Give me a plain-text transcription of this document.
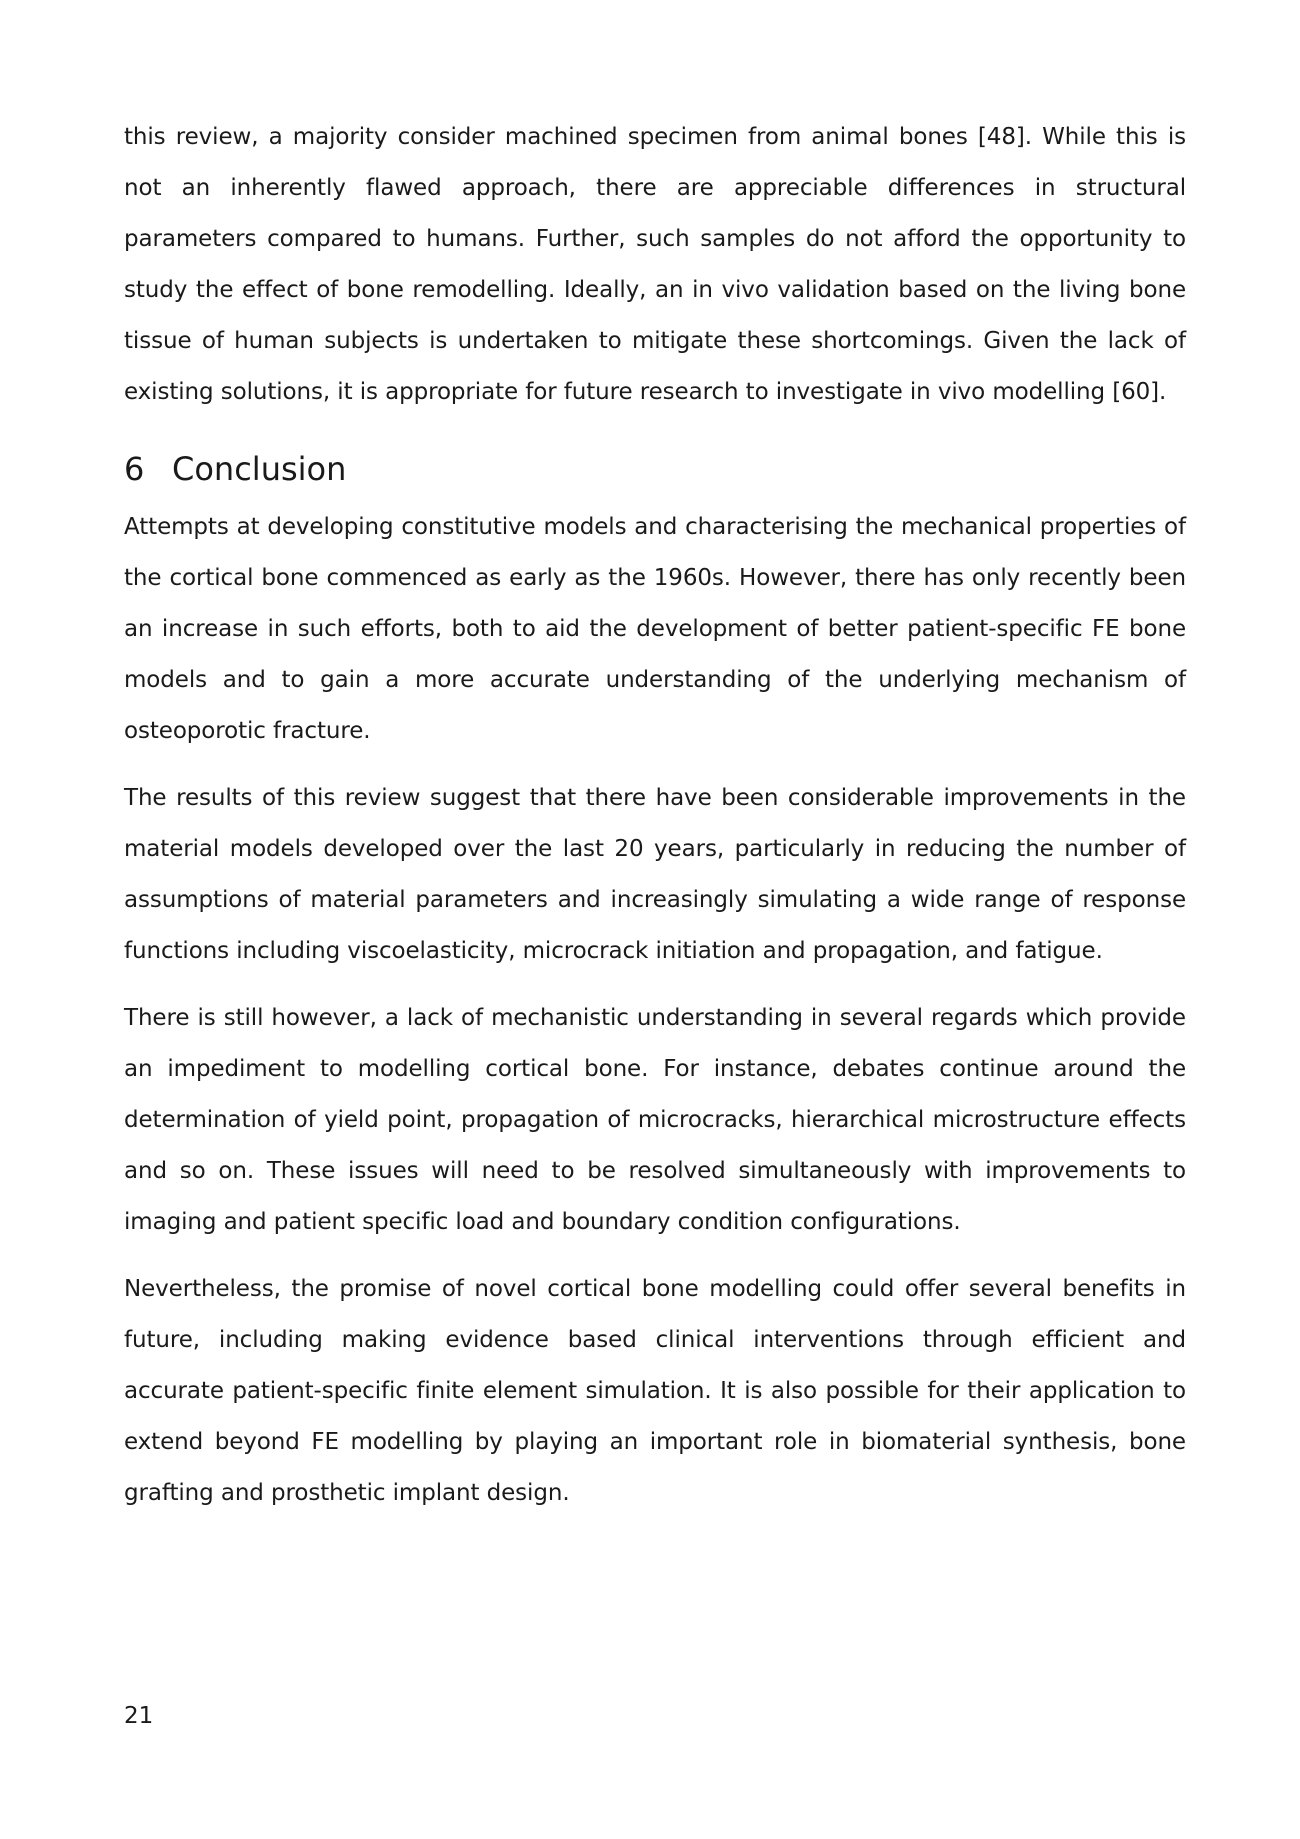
this review, a majority consider machined specimen from animal bones [48]. While this is not an inherently flawed approach, there are appreciable differences in structural parameters compared to humans. Further, such samples do not afford the opportunity to study the effect of bone remodelling. Ideally, an in vivo validation based on the living bone tissue of human subjects is undertaken to mitigate these shortcomings. Given the lack of existing solutions, it is appropriate for future research to investigate in vivo modelling [60].

6 Conclusion

Attempts at developing constitutive models and characterising the mechanical properties of the cortical bone commenced as early as the 1960s. However, there has only recently been an increase in such efforts, both to aid the development of better patient-specific FE bone models and to gain a more accurate understanding of the underlying mechanism of osteoporotic fracture.

The results of this review suggest that there have been considerable improvements in the material models developed over the last 20 years, particularly in reducing the number of assumptions of material parameters and increasingly simulating a wide range of response functions including viscoelasticity, microcrack initiation and propagation, and fatigue.

There is still however, a lack of mechanistic understanding in several regards which provide an impediment to modelling cortical bone. For instance, debates continue around the determination of yield point, propagation of microcracks, hierarchical microstructure effects and so on. These issues will need to be resolved simultaneously with improvements to imaging and patient specific load and boundary condition configurations.

Nevertheless, the promise of novel cortical bone modelling could offer several benefits in future, including making evidence based clinical interventions through efficient and accurate patient-specific finite element simulation. It is also possible for their application to extend beyond FE modelling by playing an important role in biomaterial synthesis, bone grafting and prosthetic implant design.

21
